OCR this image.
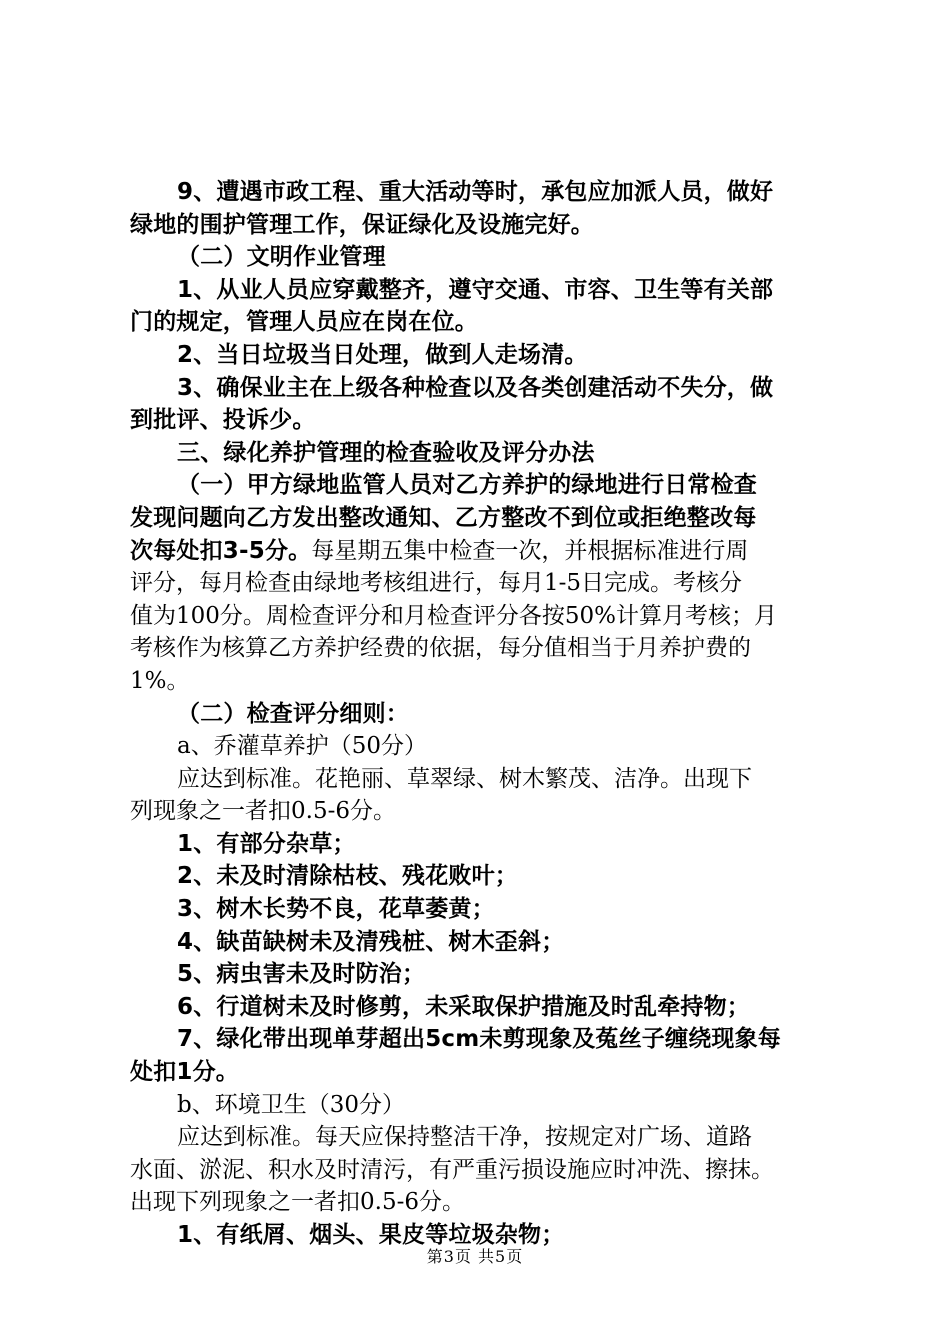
9、遭遇市政工程、重大活动等时，承包应加派人员，做好
绿地的围护管理工作，保证绿化及设施完好。
（二）文明作业管理
1、从业人员应穿戴整齐，遵守交通、市容、卫生等有关部
门的规定，管理人员应在岗在位。
2、当日垃圾当日处理，做到人走场清。
3、确保业主在上级各种检查以及各类创建活动不失分，做
到批评、投诉少。
三、绿化养护管理的检查验收及评分办法
（一）甲方绿地监管人员对乙方养护的绿地进行日常检查
发现问题向乙方发出整改通知、乙方整改不到位或拒绝整改每
次每处扣3-5分。每星期五集中检查一次，并根据标准进行周
评分，每月检查由绿地考核组进行，每月1-5日完成。考核分
值为100分。周检查评分和月检查评分各按50%计算月考核；月
考核作为核算乙方养护经费的依据，每分值相当于月养护费的
1%。
（二）检查评分细则：
a、乔灌草养护（50分）
应达到标准。花艳丽、草翠绿、树木繁茂、洁净。出现下
列现象之一者扣0.5-6分。
1、有部分杂草；
2、未及时清除枯枝、残花败叶；
3、树木长势不良，花草萎黄；
4、缺苗缺树未及清残桩、树木歪斜；
5、病虫害未及时防治；
6、行道树未及时修剪，未采取保护措施及时乱牵持物；
7、绿化带出现单芽超出5cm未剪现象及菟丝子缠绕现象每
处扣1分。
b、环境卫生（30分）
应达到标准。每天应保持整洁干净，按规定对广场、道路
水面、淤泥、积水及时清污，有严重污损设施应时冲洗、擦抹。
出现下列现象之一者扣0.5-6分。
1、有纸屑、烟头、果皮等垃圾杂物；
第3页 共5页
